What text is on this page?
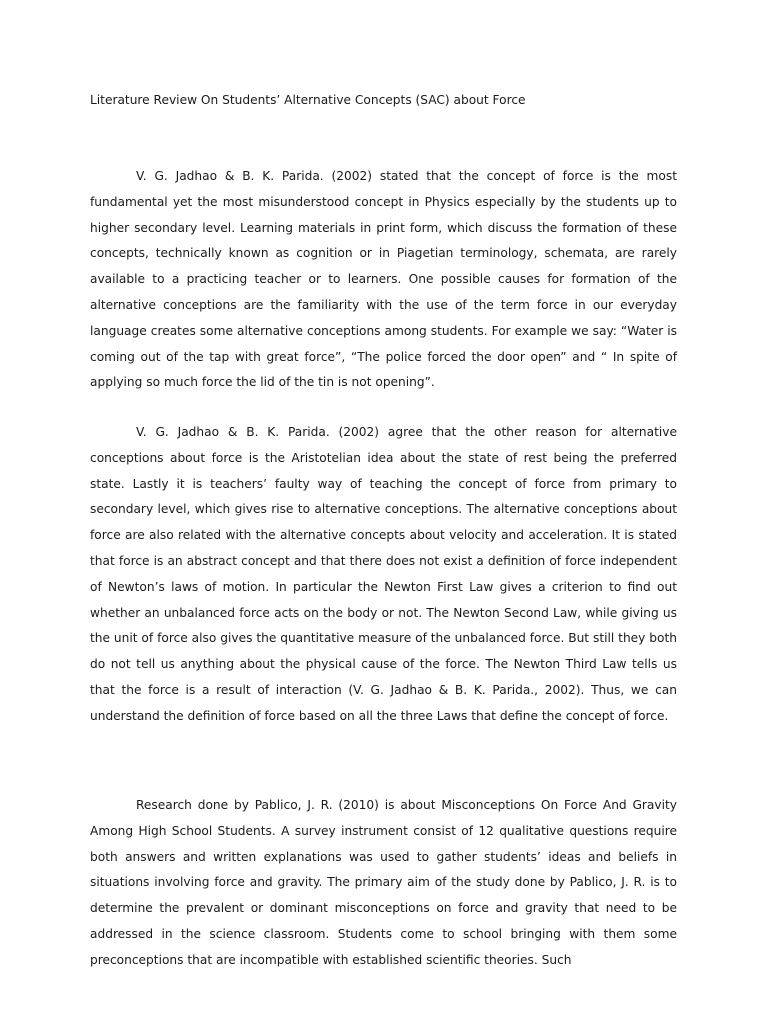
Literature Review On Students’ Alternative Concepts (SAC) about Force

V. G. Jadhao & B. K. Parida. (2002) stated that the concept of force is the most fundamental yet the most misunderstood concept in Physics especially by the students up to higher secondary level. Learning materials in print form, which discuss the formation of these concepts, technically known as cognition or in Piagetian terminology, schemata, are rarely available to a practicing teacher or to learners. One possible causes for formation of the alternative conceptions are the familiarity with the use of the term force in our everyday language creates some alternative conceptions among students. For example we say: “Water is coming out of the tap with great force”, “The police forced the door open” and “ In spite of applying so much force the lid of the tin is not opening”.

V. G. Jadhao & B. K. Parida. (2002) agree that the other reason for alternative conceptions about force is the Aristotelian idea about the state of rest being the preferred state. Lastly it is teachers’ faulty way of teaching the concept of force from primary to secondary level, which gives rise to alternative conceptions. The alternative conceptions about force are also related with the alternative concepts about velocity and acceleration. It is stated that force is an abstract concept and that there does not exist a definition of force independent of Newton’s laws of motion. In particular the Newton First Law gives a criterion to find out whether an unbalanced force acts on the body or not. The Newton Second Law, while giving us the unit of force also gives the quantitative measure of the unbalanced force. But still they both do not tell us anything about the physical cause of the force. The Newton Third Law tells us that the force is a result of interaction (V. G. Jadhao & B. K. Parida., 2002). Thus, we can understand the definition of force based on all the three Laws that define the concept of force.

Research done by Pablico, J. R. (2010) is about Misconceptions On Force And Gravity Among High School Students. A survey instrument consist of 12 qualitative questions require both answers and written explanations was used to gather students’ ideas and beliefs in situations involving force and gravity. The primary aim of the study done by Pablico, J. R. is to determine the prevalent or dominant misconceptions on force and gravity that need to be addressed in the science classroom. Students come to school bringing with them some preconceptions that are incompatible with established scientific theories. Such
